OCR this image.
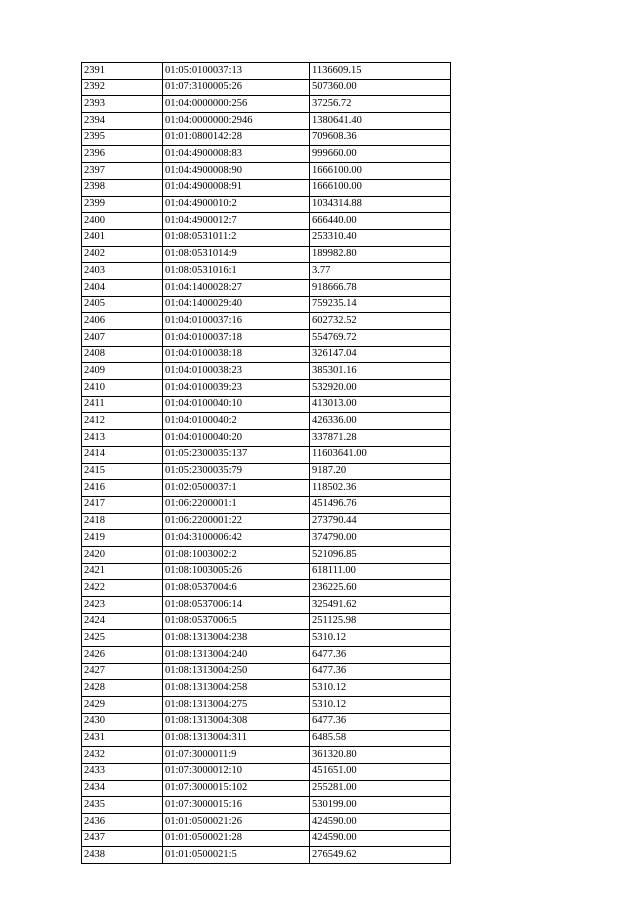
2391	01:05:0100037:13	1136609.15
2392	01:07:3100005:26	507360.00
2393	01:04:0000000:256	37256.72
2394	01:04:0000000:2946	1380641.40
2395	01:01:0800142:28	709608.36
2396	01:04:4900008:83	999660.00
2397	01:04:4900008:90	1666100.00
2398	01:04:4900008:91	1666100.00
2399	01:04:4900010:2	1034314.88
2400	01:04:4900012:7	666440.00
2401	01:08:0531011:2	253310.40
2402	01:08:0531014:9	189982.80
2403	01:08:0531016:1	3.77
2404	01:04:1400028:27	918666.78
2405	01:04:1400029:40	759235.14
2406	01:04:0100037:16	602732.52
2407	01:04:0100037:18	554769.72
2408	01:04:0100038:18	326147.04
2409	01:04:0100038:23	385301.16
2410	01:04:0100039:23	532920.00
2411	01:04:0100040:10	413013.00
2412	01:04:0100040:2	426336.00
2413	01:04:0100040:20	337871.28
2414	01:05:2300035:137	11603641.00
2415	01:05:2300035:79	9187.20
2416	01:02:0500037:1	118502.36
2417	01:06:2200001:1	451496.76
2418	01:06:2200001:22	273790.44
2419	01:04:3100006:42	374790.00
2420	01:08:1003002:2	521096.85
2421	01:08:1003005:26	618111.00
2422	01:08:0537004:6	236225.60
2423	01:08:0537006:14	325491.62
2424	01:08:0537006:5	251125.98
2425	01:08:1313004:238	5310.12
2426	01:08:1313004:240	6477.36
2427	01:08:1313004:250	6477.36
2428	01:08:1313004:258	5310.12
2429	01:08:1313004:275	5310.12
2430	01:08:1313004:308	6477.36
2431	01:08:1313004:311	6485.58
2432	01:07:3000011:9	361320.80
2433	01:07:3000012:10	451651.00
2434	01:07:3000015:102	255281.00
2435	01:07:3000015:16	530199.00
2436	01:01:0500021:26	424590.00
2437	01:01:0500021:28	424590.00
2438	01:01:0500021:5	276549.62
